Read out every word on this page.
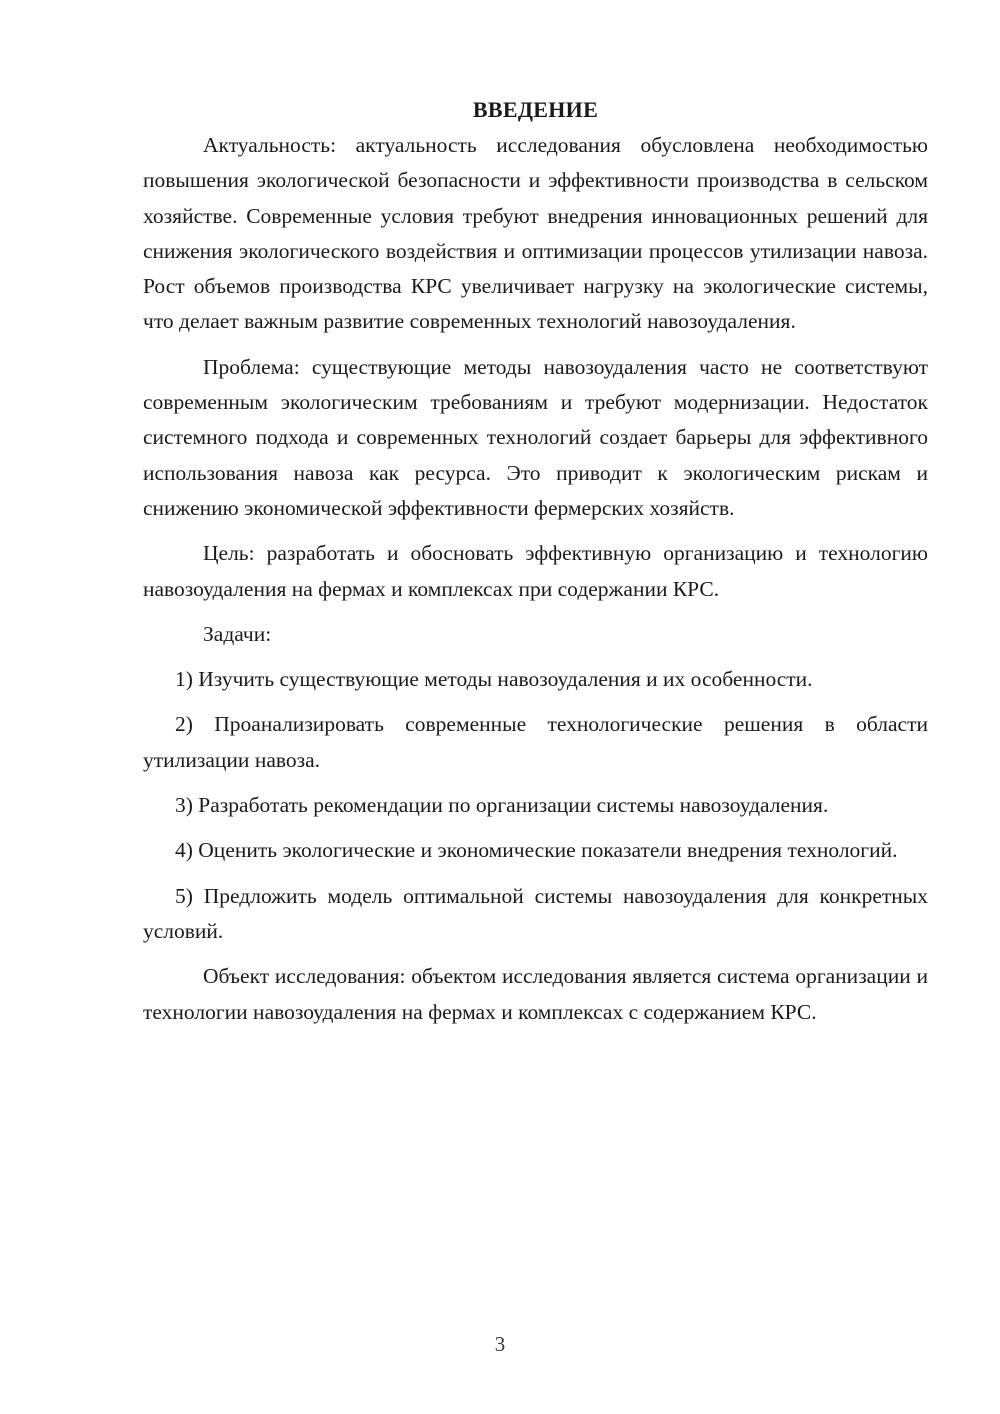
ВВЕДЕНИЕ

Актуальность: актуальность исследования обусловлена необходимостью повышения экологической безопасности и эффективности производства в сельском хозяйстве. Современные условия требуют внедрения инновационных решений для снижения экологического воздействия и оптимизации процессов утилизации навоза. Рост объемов производства КРС увеличивает нагрузку на экологические системы, что делает важным развитие современных технологий навозоудаления.

Проблема: существующие методы навозоудаления часто не соответствуют современным экологическим требованиям и требуют модернизации. Недостаток системного подхода и современных технологий создает барьеры для эффективного использования навоза как ресурса. Это приводит к экологическим рискам и снижению экономической эффективности фермерских хозяйств.

Цель: разработать и обосновать эффективную организацию и технологию навозоудаления на фермах и комплексах при содержании КРС.

Задачи:

1) Изучить существующие методы навозоудаления и их особенности.

2) Проанализировать современные технологические решения в области утилизации навоза.

3) Разработать рекомендации по организации системы навозоудаления.

4) Оценить экологические и экономические показатели внедрения технологий.

5) Предложить модель оптимальной системы навозоудаления для конкретных условий.

Объект исследования: объектом исследования является система организации и технологии навозоудаления на фермах и комплексах с содержанием КРС.

3
